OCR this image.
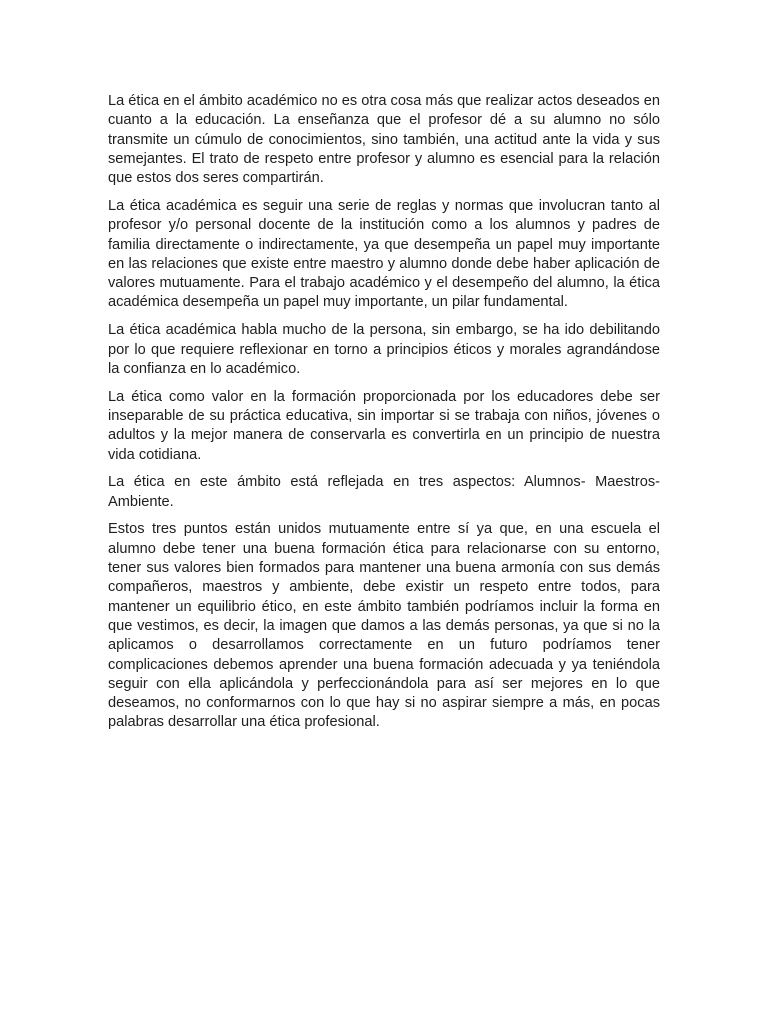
La ética en el ámbito académico no es otra cosa más que realizar actos deseados en cuanto a la educación. La enseñanza que el profesor dé a su alumno no sólo transmite un cúmulo de conocimientos, sino también, una actitud ante la vida y sus semejantes. El trato de respeto entre profesor y alumno es esencial para la relación que estos dos seres compartirán.

La ética académica es seguir una serie de reglas y normas que involucran tanto al profesor y/o personal docente de la institución como a los alumnos y padres de familia directamente o indirectamente, ya que desempeña un papel muy importante en las relaciones que existe entre maestro y alumno donde debe haber aplicación de valores mutuamente. Para el trabajo académico y el desempeño del alumno, la ética académica desempeña un papel muy importante, un pilar fundamental.

La ética académica habla mucho de la persona, sin embargo, se ha ido debilitando por lo que requiere reflexionar en torno a principios éticos y morales agrandándose la confianza en lo académico.

La ética como valor en la formación proporcionada por los educadores debe ser inseparable de su práctica educativa, sin importar si se trabaja con niños, jóvenes o adultos y la mejor manera de conservarla es convertirla en un principio de nuestra vida cotidiana.

La ética en este ámbito está reflejada en tres aspectos: Alumnos- Maestros- Ambiente.

Estos tres puntos están unidos mutuamente entre sí ya que, en una escuela el alumno debe tener una buena formación ética para relacionarse con su entorno, tener sus valores bien formados para mantener una buena armonía con sus demás compañeros, maestros y ambiente, debe existir un respeto entre todos, para mantener un equilibrio ético, en este ámbito también podríamos incluir la forma en que vestimos, es decir, la imagen que damos a las demás personas, ya que si no la aplicamos o desarrollamos correctamente en un futuro podríamos tener complicaciones debemos aprender una buena formación adecuada y ya teniéndola seguir con ella aplicándola y perfeccionándola para así ser mejores en lo que deseamos, no conformarnos con lo que hay si no aspirar siempre a más, en pocas palabras desarrollar una ética profesional.
